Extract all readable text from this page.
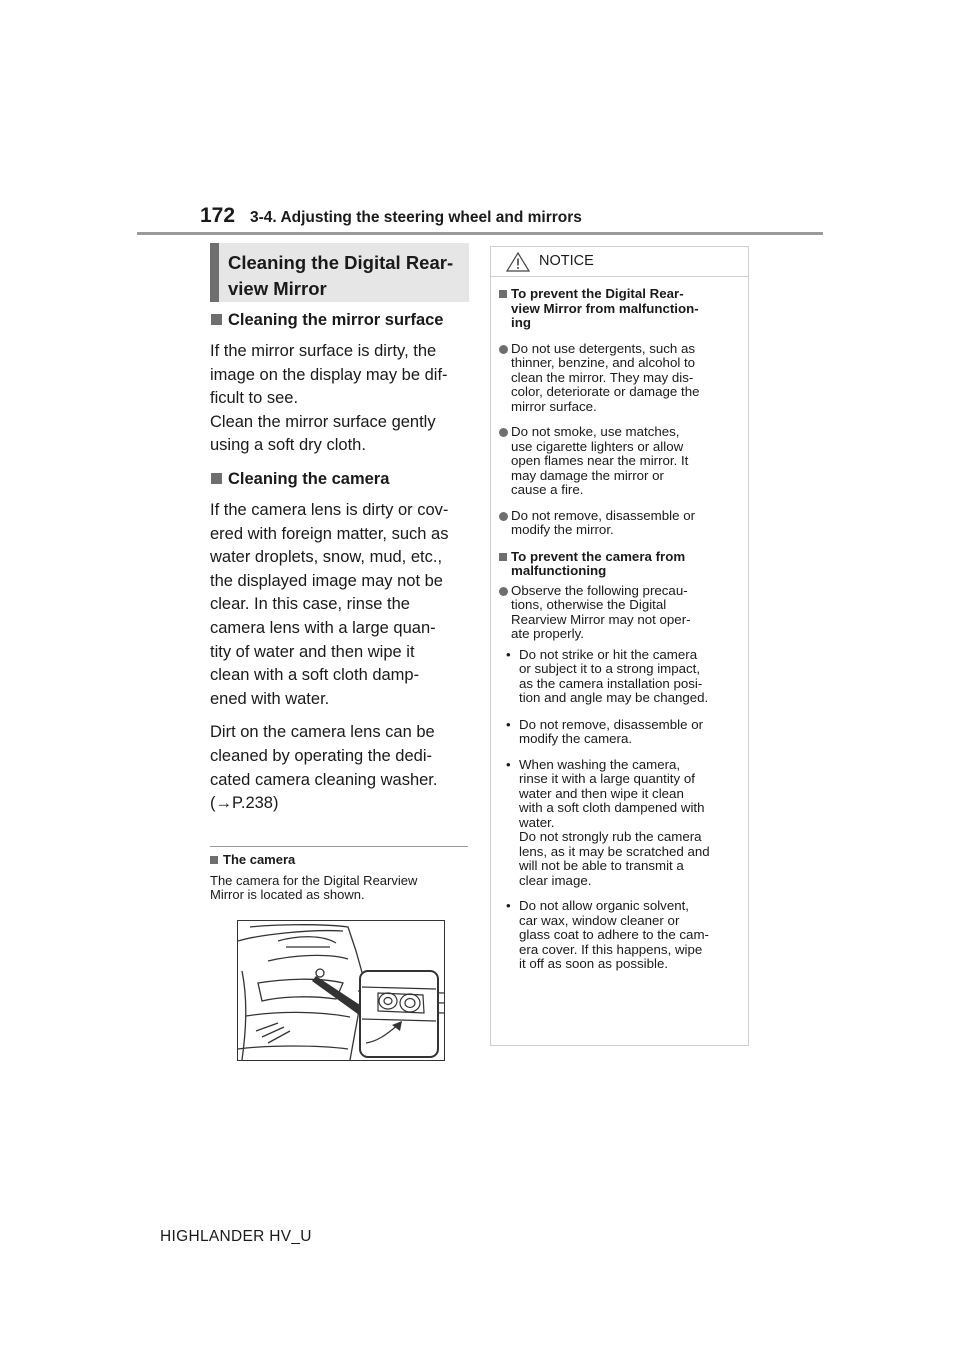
172 3-4. Adjusting the steering wheel and mirrors
Cleaning the Digital Rear-
view Mirror
Cleaning the mirror surface
If the mirror surface is dirty, the
image on the display may be dif-
ficult to see.
Clean the mirror surface gently
using a soft dry cloth.
Cleaning the camera
If the camera lens is dirty or cov-
ered with foreign matter, such as
water droplets, snow, mud, etc.,
the displayed image may not be
clear. In this case, rinse the
camera lens with a large quan-
tity of water and then wipe it
clean with a soft cloth damp-
ened with water.
Dirt on the camera lens can be
cleaned by operating the dedi-
cated camera cleaning washer.
(→P.238)
The camera
The camera for the Digital Rearview
Mirror is located as shown.
NOTICE
To prevent the Digital Rear-
view Mirror from malfunction-
ing
Do not use detergents, such as
thinner, benzine, and alcohol to
clean the mirror. They may dis-
color, deteriorate or damage the
mirror surface.
Do not smoke, use matches,
use cigarette lighters or allow
open flames near the mirror. It
may damage the mirror or
cause a fire.
Do not remove, disassemble or
modify the mirror.
To prevent the camera from
malfunctioning
Observe the following precau-
tions, otherwise the Digital
Rearview Mirror may not oper-
ate properly.
• Do not strike or hit the camera
or subject it to a strong impact,
as the camera installation posi-
tion and angle may be changed.
• Do not remove, disassemble or
modify the camera.
• When washing the camera,
rinse it with a large quantity of
water and then wipe it clean
with a soft cloth dampened with
water.
Do not strongly rub the camera
lens, as it may be scratched and
will not be able to transmit a
clear image.
• Do not allow organic solvent,
car wax, window cleaner or
glass coat to adhere to the cam-
era cover. If this happens, wipe
it off as soon as possible.
HIGHLANDER HV_U
